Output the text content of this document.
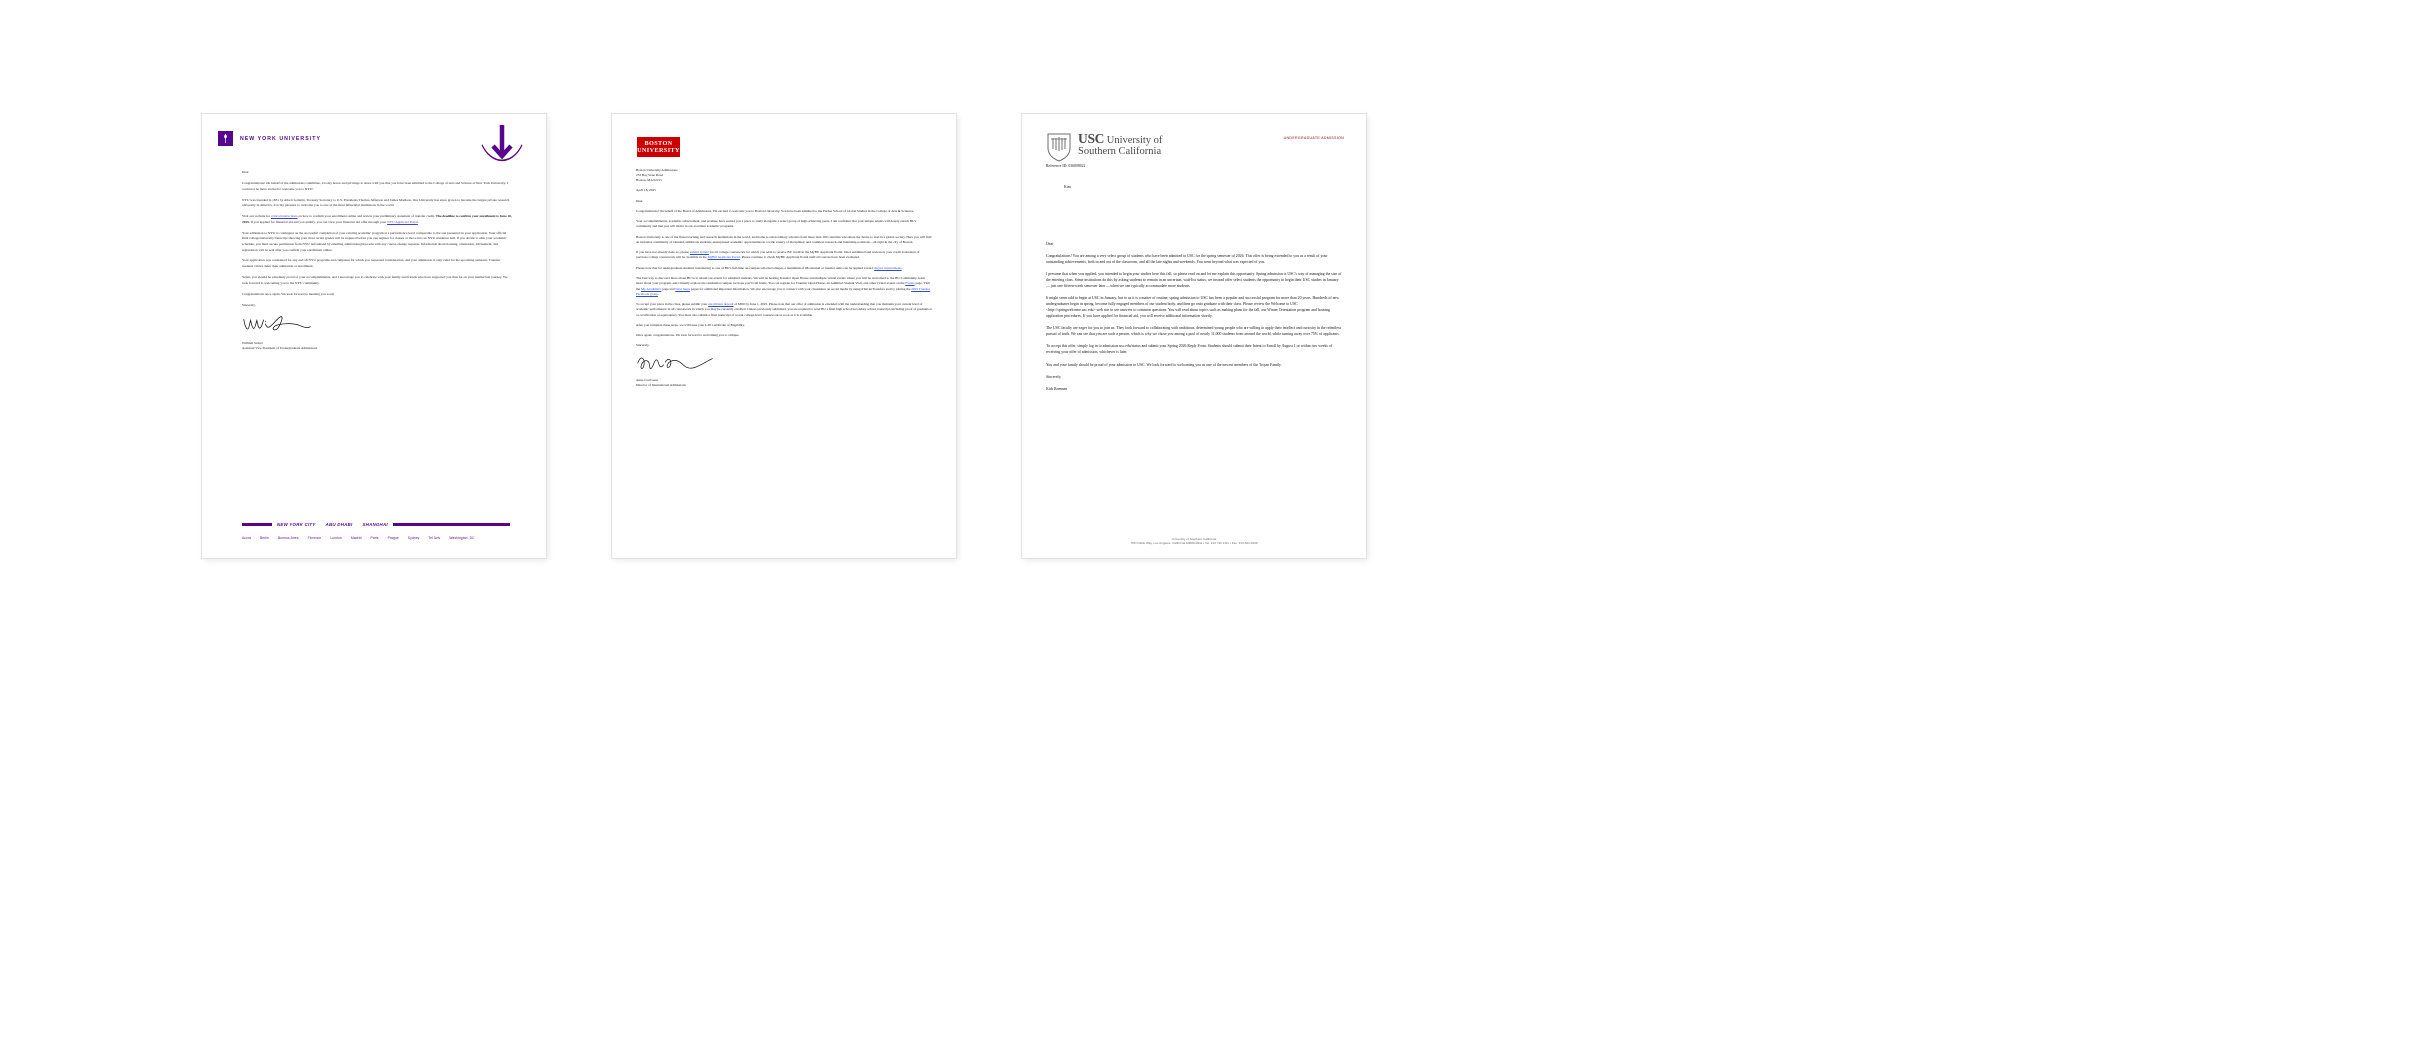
NEW YORK UNIVERSITY

Dear

Congratulations! On behalf of the admissions committee, it is my honor and privilege to share with you that you have been admitted to the College of Arts and Science at New York University. I could not be more excited to welcome you to NYU!

NYU was founded in 1831 by Albert Gallatin, Treasury Secretary to U.S. Presidents Thomas Jefferson and James Madison. Our University has since grown to become the largest private research university in America. It is my pleasure to welcome you to one of the most influential institutions in the world.

Visit our website for critical instructions on how to confirm your enrollment online and review your preliminary statement of transfer credit. The deadline to confirm your enrollment is June 16, 2025. If you applied for financial aid and you qualify, you can view your financial aid offer through your NYU Applicant Portal.

Your admission to NYU is contingent on the successful completion of your existing academic program at a performance level comparable to the one presented in your application. Your official final college/university transcript showing your most recent grades will be required before you can register for classes or move into an NYU residence hall. If you decide to alter your academic schedule, you must secure permission from NYU beforehand by emailing admissions@nyu.edu with any course change requests. Information about housing, orientation, advisement, and registration will be sent after you confirm your enrollment online.

Your application was considered for any and all NYU programs and campuses for which you requested consideration, and your admission is only valid for the upcoming semester. Transfer students cannot defer their admission or enrollment.

Yejun, you should be extremely proud of your accomplishments, and I encourage you to celebrate with your family and friends who have supported you thus far on your intellectual journey. We look forward to welcoming you to the NYU community.

Congratulations once again. We look forward to meeting you soon!

Sincerely,

William Sichel
Assistant Vice President of Undergraduate Admissions
NEW YORK CITY	ABU DHABI	SHANGHAI
Accra	Berlin	Buenos Aires	Florence	London	Madrid	Paris	Prague	Sydney	Tel Aviv	Washington, DC
BOSTON
UNIVERSITY
Boston University Admissions
233 Bay State Road
Boston, MA 02215

April 18, 2025

Dear

Congratulations! On behalf of the Board of Admissions, I'm excited to welcome you to Boston University. You have been admitted to the Pardee School of Global Studies in the College of Arts & Sciences.

Your accomplishments, academic achievement, and promise have earned you a place to study alongside a select group of high-achieving peers. I am confident that your unique talents will deeply enrich BU's community and that you will thrive in our excellent academic programs.

Boston University is one of the finest teaching and research institutions in the world, and home to extraordinary scholars from more than 100 countries who share the desire to lead in a global society. Here you will find an inclusive community of talented, ambitious students; unsurpassed academic opportunities in a wide variety of disciplines; and countless research and internship positions—all right in the city of Boston.

If you have not already done so, please submit syllabi for all college coursework for which you wish to receive BU credit in the MyBU Applicant Portal. Once submitted and reviewed, your credit evaluation of previous college coursework will be available in the MyBU Applicant Portal. Please continue to check MyBU Applicant Portal until all courses have been evaluated.

Please note that for undergraduate students transferring to one of BU's full-time on-campus schools/colleges, a maximum of 68 external or transfer units can be applied toward degree requirements.

The best way to discover more about BU is to attend our events for admitted students. We will be hosting Transfer Open House and multiple virtual events where you will be welcomed to the BU Community, learn more about your program, and virtually explore the residential campus we hope you'll call home. You can register for Transfer Open House, an Admitted Student Visit, and other virtual events on the Events page. Visit the My Academics page and Next Steps pages for additional important information. We also encourage you to connect with your classmates on social media by using #TerrierTransfers and by joining the 2025 Transfer Facebook group.

To accept your place in the class, please submit your enrollment deposit of $650 by June 1, 2025. Please note that our offer of admission is extended with the understanding that you maintain your current level of academic performance in all coursework in which you may be currently enrolled. Unless previously submitted, you are required to send BU a final high school/secondary school transcript, including proof of graduation or certification of equivalency. You must also submit a final transcript of recent college-level coursework as soon as it is available.

After you complete these steps, we will issue your I-20 Certificate of Eligibility.

Once again, congratulations. We look forward to welcoming you to campus.

Sincerely,

Anne Corriveau
Director of International Admissions
USC University of
Southern California
UNDERGRADUATE ADMISSION
Reference ID: 036808022
Kim

Dear

Congratulations! You are among a very select group of students who have been admitted to USC for the spring semester of 2026. This offer is being extended to you as a result of your outstanding achievements, both in and out of the classroom, and all the late nights and weekends. You went beyond what was expected of you.

I presume that when you applied, you intended to begin your studies here this fall, so please read on and let me explain this opportunity. Spring admission is USC's way of managing the size of the entering class. Some institutions do this by asking students to remain in an uncertain, wait-list status; we instead offer select students the opportunity to begin their USC studies in January — just one fifteen-week semester later —when we can typically accommodate more students.

It might seem odd to begin at USC in January, but to us it is a matter of routine; spring admission to USC has been a popular and successful program for more than 20 years. Hundreds of new undergraduates begin in spring, become fully engaged members of our student body, and then go onto graduate with their class. Please review the Welcome to USC <http://springwelcome.usc.edu> web site to see answers to common questions. You will read about topics such as making plans for the fall, our Winter Orientation program and housing application procedures. If you have applied for financial aid, you will receive additional information shortly.

The USC faculty are eager for you to join us. They look forward to collaborating with ambitious, determined young people who are willing to apply their intellect and curiosity in the relentless pursuit of truth. We can see that you are such a person, which is why we chose you among a pool of nearly 11,000 students from around the world, while turning away over 75% of applicants.

To accept this offer, simply log in to admission.usc.edu/status and submit your Spring 2026 Reply Form. Students should submit their Intent to Enroll by August 1 or within two weeks of receiving your offer of admission, whichever is later.

You and your family should be proud of your admission to USC. We look forward to welcoming you as one of the newest members of the Trojan Family.

Sincerely,

Kirk Brennan

University of Southern California
700 Childs Way, Los Angeles, California 90089-0911 • Tel: 213 740 1111 • Fax: 213 821 0200
